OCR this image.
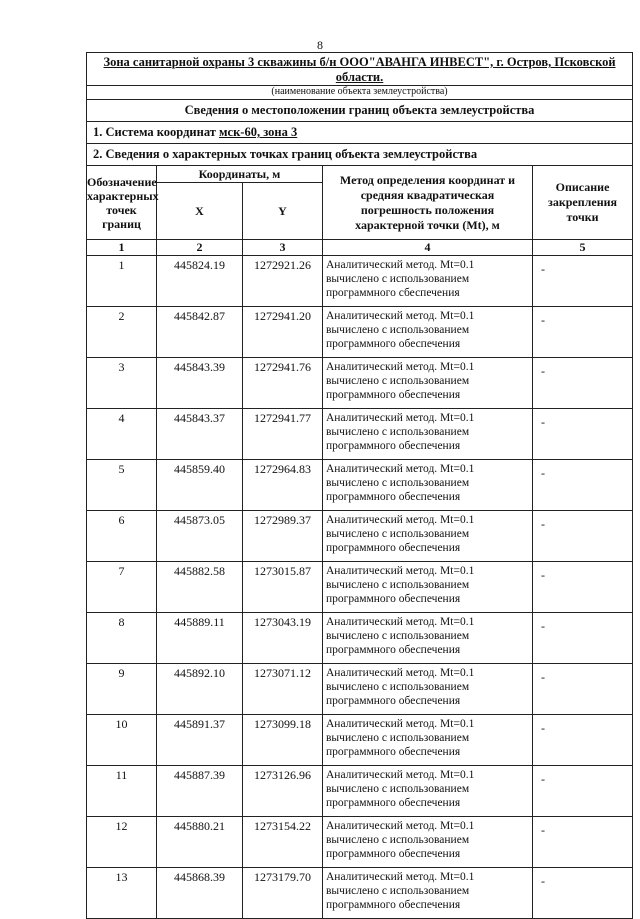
8
Зона санитарной охраны 3 скважины б/н ООО"АВАНГА ИНВЕСТ", г. Остров, Псковской
области.				

(наименование объекта землеустройства)				
Сведения о местоположении границ объекта землеустройства				
1. Система координат мск-60, зона 3				
2. Сведения о характерных точках границ объекта землеустройства				
Обозначение характерных точек границ	Координаты, м		Метод определения координат и средняя квадратическая погрешность положения характерной точки (Mt), м	Описание закрепления точки
	X	Y		
1	2	3	4	5
1	445824.19	1272921.26	Аналитический метод. Mt=0.1
вычислено с использованием
программного сбеспечения	-
2	445842.87	1272941.20	Аналитический метод. Mt=0.1
вычислено с использованием
программного обеспечения	-
3	445843.39	1272941.76	Аналитический метод. Mt=0.1
вычислено с использованием
программного обеспечения	-
4	445843.37	1272941.77	Аналитический метод. Mt=0.1
вычислено с использованием
программного обеспечения	-
5	445859.40	1272964.83	Аналитический метод. Mt=0.1
вычислено с использованием
программного обеспечения	-
6	445873.05	1272989.37	Аналитический метод. Mt=0.1
вычислено с использованием
программного обеспечения	-
7	445882.58	1273015.87	Аналитический метод. Mt=0.1
вычислено с использованием
программного обеспечения	-
8	445889.11	1273043.19	Аналитический метод. Mt=0.1
вычислено с использованием
программного обеспечения	-
9	445892.10	1273071.12	Аналитический метод. Mt=0.1
вычислено с использованием
программного обеспечения	-
10	445891.37	1273099.18	Аналитический метод. Mt=0.1
вычислено с использованием
программного обеспечения	-
11	445887.39	1273126.96	Аналитический метод. Mt=0.1
вычислено с использованием
программного обеспечения	-
12	445880.21	1273154.22	Аналитический метод. Mt=0.1
вычислено с использованием
программного обеспечения	-
13	445868.39	1273179.70	Аналитический метод. Mt=0.1
вычислено с использованием
программного обеспечения	-
